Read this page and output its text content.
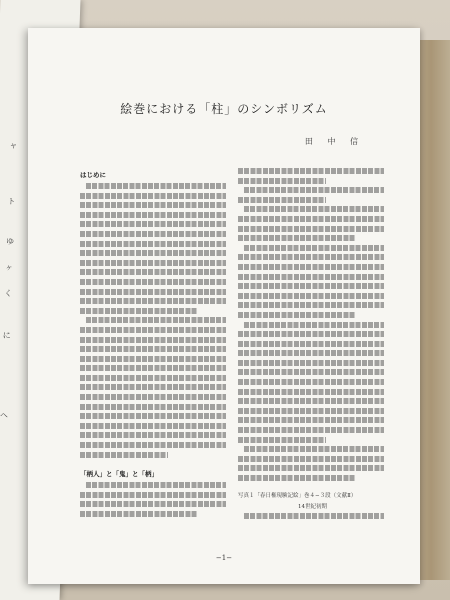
ャ
ト
ゆ
ヶ
く
に
ヘ
絵巻における「柱」のシンボリズム
田 中 信
はじめに
「柄人」と「鬼」と「柄」
写真１「春日権現験記絵」巻４−３段（文献Ⅱ）
14世紀初期
−1−
